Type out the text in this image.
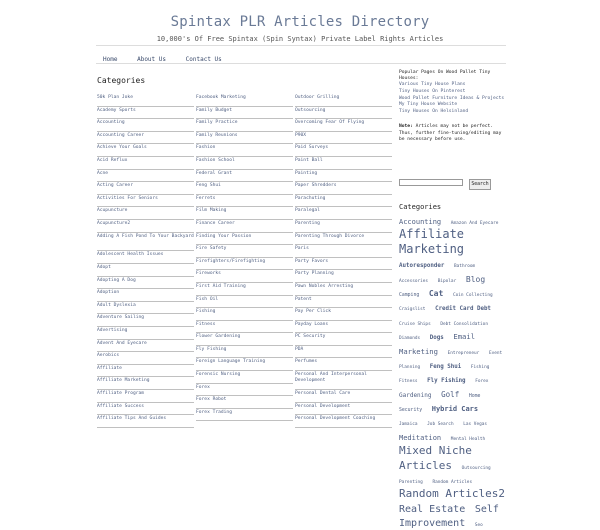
Spintax PLR Articles Directory
10,000's Of Free Spintax (Spin Syntax) Private Label Rights Articles
Home	About Us	Contact Us
Categories
50k Plan Joke
Academy Sports
Accounting
Accounting Career
Achieve Your Goals
Acid Reflux
Acne
Acting Career
Activities For Seniors
Acupuncture
Acupuncture2
Adding A Fish Pond To Your Backyard
Adolescent Health Issues
Adopt
Adopting A Dog
Adoption
Adult Dyslexia
Adventure Sailing
Advertising
Advent And Eyecare
Aerobics
Affiliate
Affiliate Marketing
Affiliate Program
Affiliate Success
Affiliate Tips And Guides
Facebook Marketing
Family Budget
Family Practice
Family Reunions
Fashion
Fashion School
Federal Grant
Feng Shui
Ferrets
Film Making
Finance Career
Finding Your Passion
Fire Safety
Firefighters/Firefighting
Fireworks
First Aid Training
Fish Oil
Fishing
Fitness
Flower Gardening
Fly Fishing
Foreign Language Training
Forensic Nursing
Forex
Forex Robot
Forex Trading
Outdoor Grilling
Outsourcing
Overcoming Fear Of Flying
P90X
Paid Surveys
Paint Ball
Painting
Paper Shredders
Parachuting
Paralegal
Parenting
Parenting Through Divorce
Paris
Party Favors
Party Planning
Pawn Nobles Arresting
Patent
Pay Per Click
Payday Loans
PC Security
PDA
Perfumes
Personal And Interpersonal Development
Personal Dental Care
Personal Development
Personal Development Coaching
Popular Pages On Wood Pallet Tiny Houses:
Various Tiny House Plans
Tiny Houses On Pinterest
Wood Pallet Furniture Ideas & Projects
My Tiny House Website
Tiny Houses On Helsinland
Note: Articles may not be perfect. Thus, further fine-tuning/editing may be necessary before use.
Search
Categories
Accounting Amazon And Eyecare Affiliate Marketing Autoresponder Bathroom Accessories Bipolar Blog Camping Cat Coin Collecting Craigslist Credit Card Debt Cruise Ships Debt Consolidation Diamonds Dogs Email Marketing Entrepreneur Event Planning Feng Shui Fishing Fitness Fly Fishing Forex Gardening Golf Home Security Hybrid Cars Jamaica Job Search Las Vegas Meditation Mental Health Mixed Niche Articles Outsourcing Parenting Random Articles Random Articles2 Real Estate Self Improvement Seo
